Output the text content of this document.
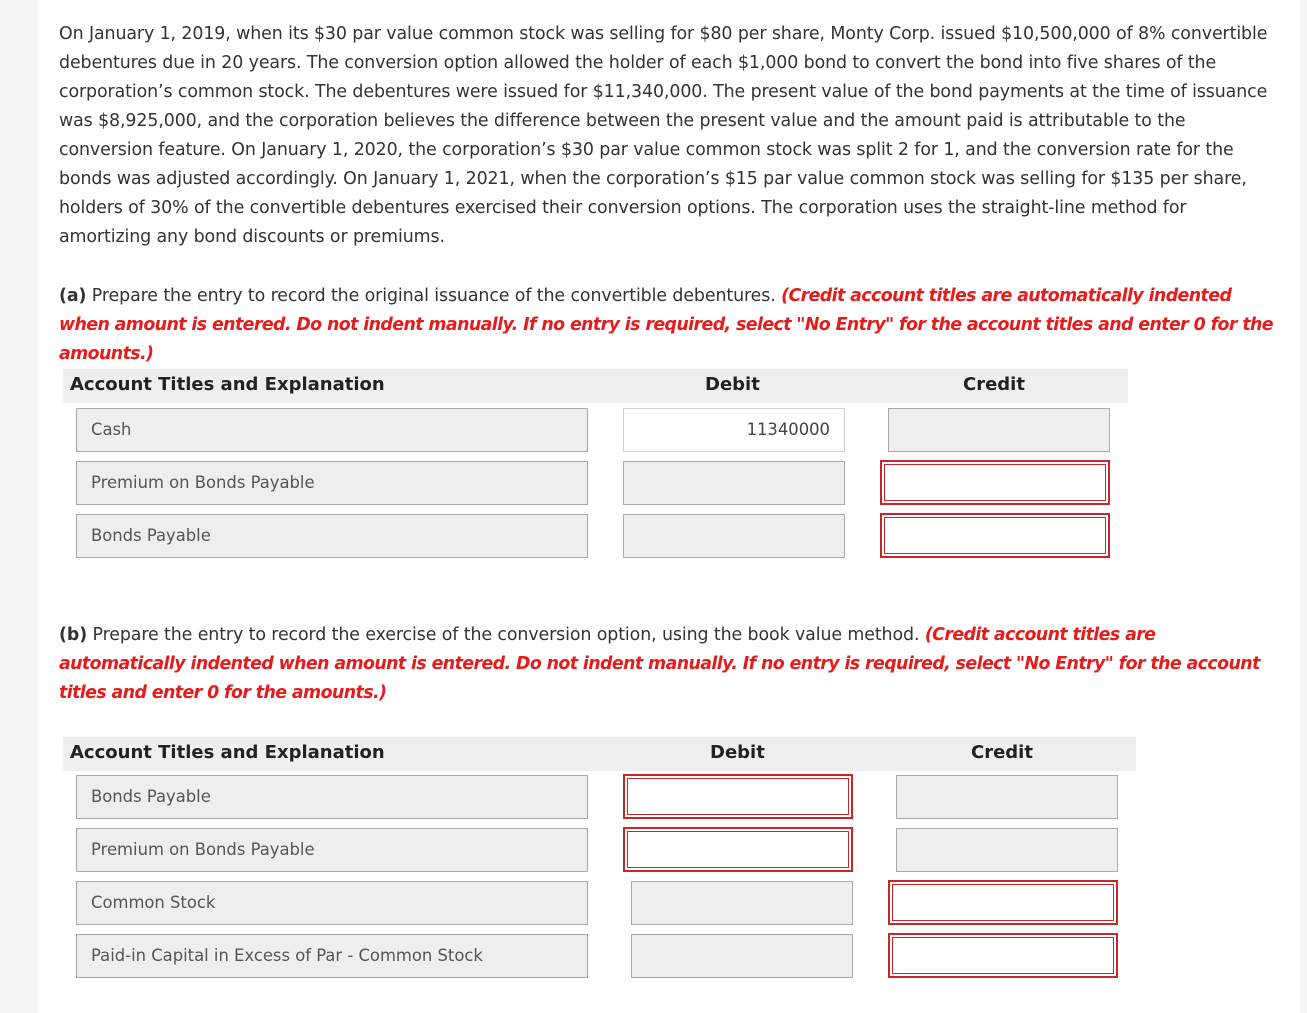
On January 1, 2019, when its $30 par value common stock was selling for $80 per share, Monty Corp. issued $10,500,000 of 8% convertible debentures due in 20 years. The conversion option allowed the holder of each $1,000 bond to convert the bond into five shares of the corporation’s common stock. The debentures were issued for $11,340,000. The present value of the bond payments at the time of issuance was $8,925,000, and the corporation believes the difference between the present value and the amount paid is attributable to the conversion feature. On January 1, 2020, the corporation’s $30 par value common stock was split 2 for 1, and the conversion rate for the bonds was adjusted accordingly. On January 1, 2021, when the corporation’s $15 par value common stock was selling for $135 per share, holders of 30% of the convertible debentures exercised their conversion options. The corporation uses the straight-line method for amortizing any bond discounts or premiums.

(a) Prepare the entry to record the original issuance of the convertible debentures. (Credit account titles are automatically indented when amount is entered. Do not indent manually. If no entry is required, select "No Entry" for the account titles and enter 0 for the amounts.)

Account Titles and Explanation	Debit	Credit
Cash	11340000
Premium on Bonds Payable
Bonds Payable

(b) Prepare the entry to record the exercise of the conversion option, using the book value method. (Credit account titles are automatically indented when amount is entered. Do not indent manually. If no entry is required, select "No Entry" for the account titles and enter 0 for the amounts.)

Account Titles and Explanation	Debit	Credit
Bonds Payable
Premium on Bonds Payable
Common Stock
Paid-in Capital in Excess of Par - Common Stock
